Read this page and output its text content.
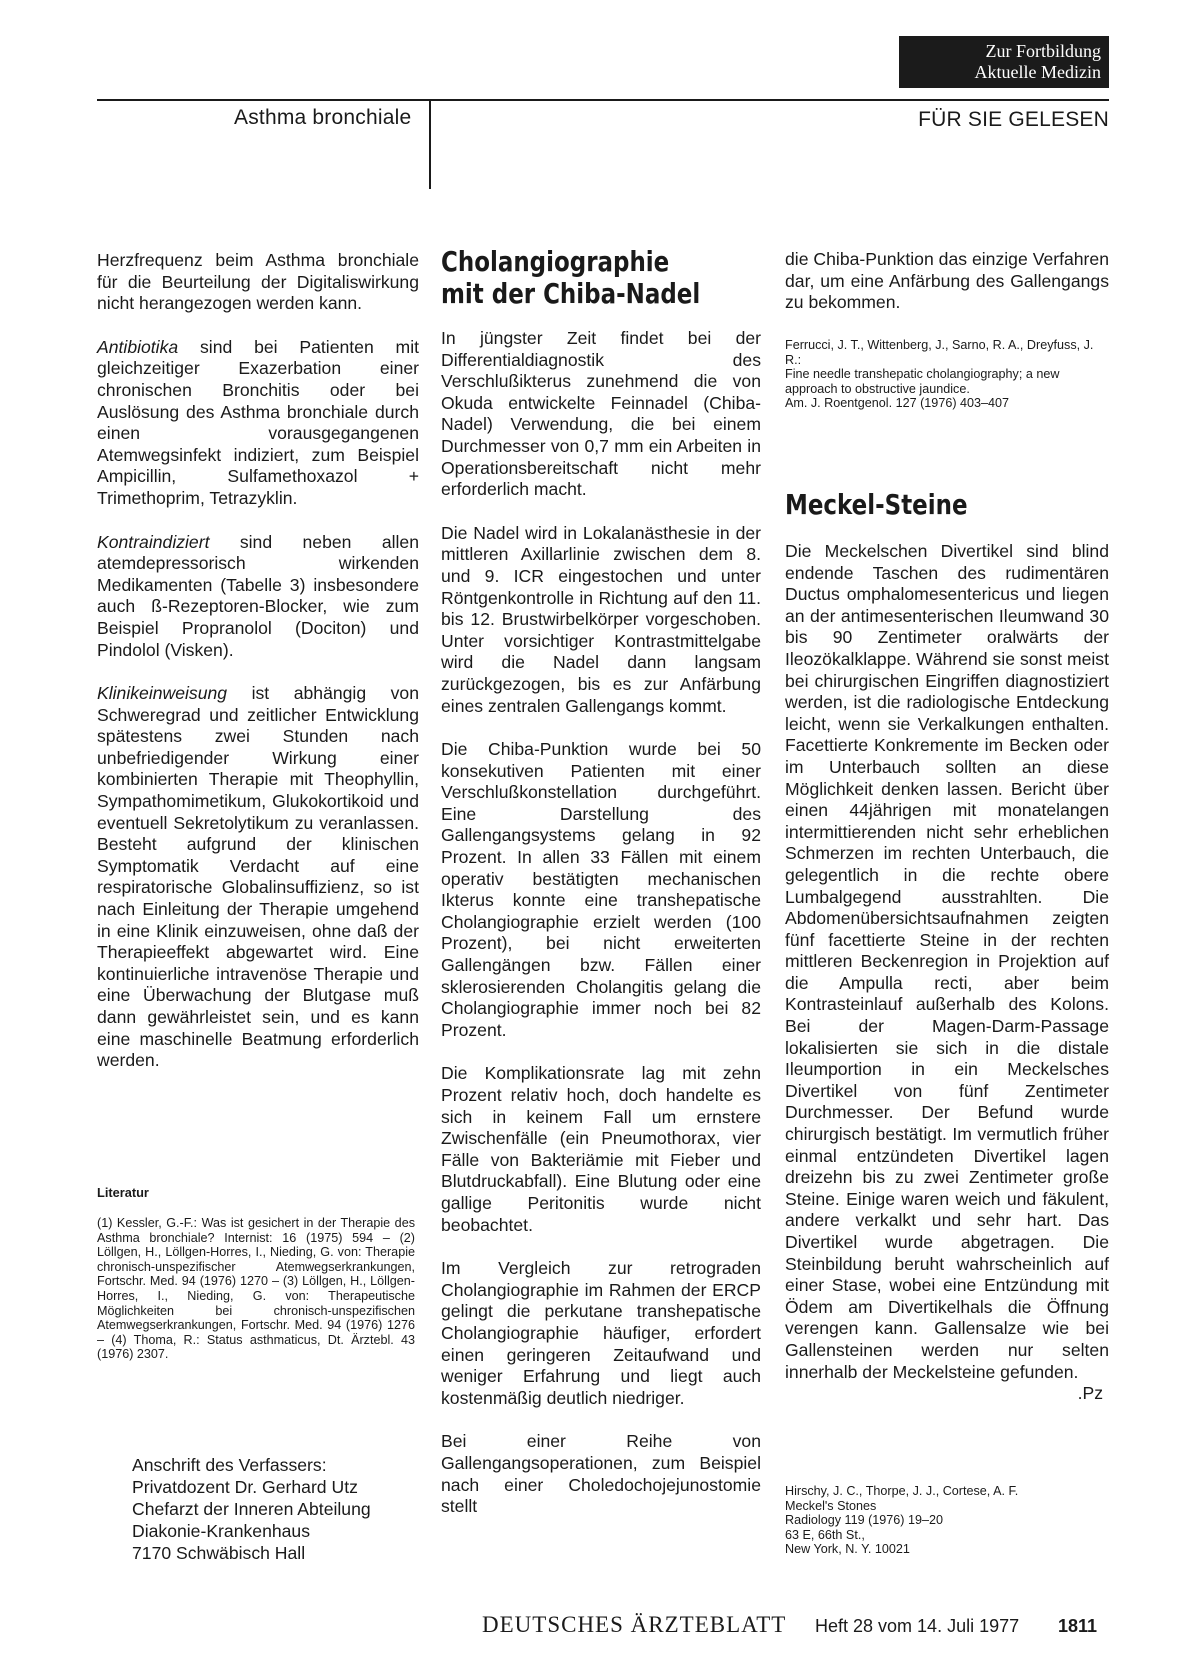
Zur Fortbildung
Aktuelle Medizin
Asthma bronchiale	FÜR SIE GELESEN

Herzfrequenz beim Asthma bronchiale für die Beurteilung der Digitaliswirkung nicht herangezogen werden kann.

Antibiotika sind bei Patienten mit gleichzeitiger Exazerbation einer chronischen Bronchitis oder bei Auslösung des Asthma bronchiale durch einen vorausgegangenen Atemwegsinfekt indiziert, zum Beispiel Ampicillin, Sulfamethoxazol + Trimethoprim, Tetrazyklin.

Kontraindiziert sind neben allen atemdepressorisch wirkenden Medikamenten (Tabelle 3) insbesondere auch ß-Rezeptoren-Blocker, wie zum Beispiel Propranolol (Dociton) und Pindolol (Visken).

Klinikeinweisung ist abhängig von Schweregrad und zeitlicher Entwicklung spätestens zwei Stunden nach unbefriedigender Wirkung einer kombinierten Therapie mit Theophyllin, Sympathomimetikum, Glukokortikoid und eventuell Sekretolytikum zu veranlassen. Besteht aufgrund der klinischen Symptomatik Verdacht auf eine respiratorische Globalinsuffizienz, so ist nach Einleitung der Therapie umgehend in eine Klinik einzuweisen, ohne daß der Therapieeffekt abgewartet wird. Eine kontinuierliche intravenöse Therapie und eine Überwachung der Blutgase muß dann gewährleistet sein, und es kann eine maschinelle Beatmung erforderlich werden.

Literatur
(1) Kessler, G.-F.: Was ist gesichert in der Therapie des Asthma bronchiale? Internist: 16 (1975) 594 – (2) Löllgen, H., Löllgen-Horres, I., Nieding, G. von: Therapie chronisch-unspezifischer Atemwegserkrankungen, Fortschr. Med. 94 (1976) 1270 – (3) Löllgen, H., Löllgen-Horres, I., Nieding, G. von: Therapeutische Möglichkeiten bei chronisch-unspezifischen Atemwegserkrankungen, Fortschr. Med. 94 (1976) 1276 – (4) Thoma, R.: Status asthmaticus, Dt. Ärztebl. 43 (1976) 2307.
Anschrift des Verfassers:
Privatdozent Dr. Gerhard Utz
Chefarzt der Inneren Abteilung
Diakonie-Krankenhaus
7170 Schwäbisch Hall
Cholangiographie
mit der Chiba-Nadel

In jüngster Zeit findet bei der Differentialdiagnostik des Verschlußikterus zunehmend die von Okuda entwickelte Feinnadel (Chiba-Nadel) Verwendung, die bei einem Durchmesser von 0,7 mm ein Arbeiten in Operationsbereitschaft nicht mehr erforderlich macht.

Die Nadel wird in Lokalanästhesie in der mittleren Axillarlinie zwischen dem 8. und 9. ICR eingestochen und unter Röntgenkontrolle in Richtung auf den 11. bis 12. Brustwirbelkörper vorgeschoben. Unter vorsichtiger Kontrastmittelgabe wird die Nadel dann langsam zurückgezogen, bis es zur Anfärbung eines zentralen Gallengangs kommt.

Die Chiba-Punktion wurde bei 50 konsekutiven Patienten mit einer Verschlußkonstellation durchgeführt. Eine Darstellung des Gallengangsystems gelang in 92 Prozent. In allen 33 Fällen mit einem operativ bestätigten mechanischen Ikterus konnte eine transhepatische Cholangiographie erzielt werden (100 Prozent), bei nicht erweiterten Gallengängen bzw. Fällen einer sklerosierenden Cholangitis gelang die Cholangiographie immer noch bei 82 Prozent.

Die Komplikationsrate lag mit zehn Prozent relativ hoch, doch handelte es sich in keinem Fall um ernstere Zwischenfälle (ein Pneumothorax, vier Fälle von Bakteriämie mit Fieber und Blutdruckabfall). Eine Blutung oder eine gallige Peritonitis wurde nicht beobachtet.

Im Vergleich zur retrograden Cholangiographie im Rahmen der ERCP gelingt die perkutane transhepatische Cholangiographie häufiger, erfordert einen geringeren Zeitaufwand und weniger Erfahrung und liegt auch kostenmäßig deutlich niedriger.

Bei einer Reihe von Gallengangsoperationen, zum Beispiel nach einer Choledochojejunostomie stellt

die Chiba-Punktion das einzige Verfahren dar, um eine Anfärbung des Gallengangs zu bekommen.
Ferrucci, J. T., Wittenberg, J., Sarno, R. A., Dreyfuss, J. R.:
Fine needle transhepatic cholangiography; a new approach to obstructive jaundice.
Am. J. Roentgenol. 127 (1976) 403–407
Meckel-Steine

Die Meckelschen Divertikel sind blind endende Taschen des rudimentären Ductus omphalomesentericus und liegen an der antimesenterischen Ileumwand 30 bis 90 Zentimeter oralwärts der Ileozökalklappe. Während sie sonst meist bei chirurgischen Eingriffen diagnostiziert werden, ist die radiologische Entdeckung leicht, wenn sie Verkalkungen enthalten. Facettierte Konkremente im Becken oder im Unterbauch sollten an diese Möglichkeit denken lassen. Bericht über einen 44jährigen mit monatelangen intermittierenden nicht sehr erheblichen Schmerzen im rechten Unterbauch, die gelegentlich in die rechte obere Lumbalgegend ausstrahlten. Die Abdomenübersichtsaufnahmen zeigten fünf facettierte Steine in der rechten mittleren Beckenregion in Projektion auf die Ampulla recti, aber beim Kontrasteinlauf außerhalb des Kolons. Bei der Magen-Darm-Passage lokalisierten sie sich in die distale Ileumportion in ein Meckelsches Divertikel von fünf Zentimeter Durchmesser. Der Befund wurde chirurgisch bestätigt. Im vermutlich früher einmal entzündeten Divertikel lagen dreizehn bis zu zwei Zentimeter große Steine. Einige waren weich und fäkulent, andere verkalkt und sehr hart. Das Divertikel wurde abgetragen. Die Steinbildung beruht wahrscheinlich auf einer Stase, wobei eine Entzündung mit Ödem am Divertikelhals die Öffnung verengen kann. Gallensalze wie bei Gallensteinen werden nur selten innerhalb der Meckelsteine gefunden.
.Pz

Hirschy, J. C., Thorpe, J. J., Cortese, A. F.
Meckel's Stones
Radiology 119 (1976) 19–20
63 E, 66th St.,
New York, N. Y. 10021
DEUTSCHES ÄRZTEBLATT Heft 28 vom 14. Juli 1977 1811
